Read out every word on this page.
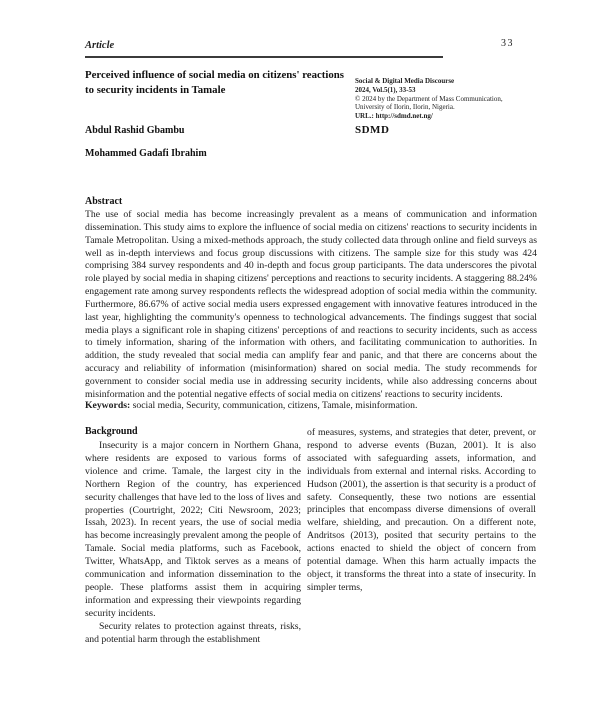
Article	33
Perceived influence of social media on citizens' reactions
to security incidents in Tamale
Social & Digital Media Discourse
2024, Vol.5(1), 33-53
© 2024 by the Department of Mass Communication, University of Ilorin, Ilorin, Nigeria.
URL.: http://sdmd.net.ng/
SDMD
Abdul Rashid Gbambu
Mohammed Gadafi Ibrahim
Abstract
The use of social media has become increasingly prevalent as a means of communication and information dissemination. This study aims to explore the influence of social media on citizens' reactions to security incidents in Tamale Metropolitan. Using a mixed-methods approach, the study collected data through online and field surveys as well as in-depth interviews and focus group discussions with citizens. The sample size for this study was 424 comprising 384 survey respondents and 40 in-depth and focus group participants. The data underscores the pivotal role played by social media in shaping citizens' perceptions and reactions to security incidents. A staggering 88.24% engagement rate among survey respondents reflects the widespread adoption of social media within the community. Furthermore, 86.67% of active social media users expressed engagement with innovative features introduced in the last year, highlighting the community's openness to technological advancements. The findings suggest that social media plays a significant role in shaping citizens' perceptions of and reactions to security incidents, such as access to timely information, sharing of the information with others, and facilitating communication to authorities. In addition, the study revealed that social media can amplify fear and panic, and that there are concerns about the accuracy and reliability of information (misinformation) shared on social media. The study recommends for government to consider social media use in addressing security incidents, while also addressing concerns about misinformation and the potential negative effects of social media on citizens' reactions to security incidents.
Keywords: social media, Security, communication, citizens, Tamale, misinformation.
Background

Insecurity is a major concern in Northern Ghana, where residents are exposed to various forms of violence and crime. Tamale, the largest city in the Northern Region of the country, has experienced security challenges that have led to the loss of lives and properties (Courtright, 2022; Citi Newsroom, 2023; Issah, 2023). In recent years, the use of social media has become increasingly prevalent among the people of Tamale. Social media platforms, such as Facebook, Twitter, WhatsApp, and Tiktok serves as a means of communication and information dissemination to the people. These platforms assist them in acquiring information and expressing their viewpoints regarding security incidents.

Security relates to protection against threats, risks, and potential harm through the establishment

of measures, systems, and strategies that deter, prevent, or respond to adverse events (Buzan, 2001). It is also associated with safeguarding assets, information, and individuals from external and internal risks. According to Hudson (2001), the assertion is that security is a product of safety. Consequently, these two notions are essential principles that encompass diverse dimensions of overall welfare, shielding, and precaution. On a different note, Andritsos (2013), posited that security pertains to the actions enacted to shield the object of concern from potential damage. When this harm actually impacts the object, it transforms the threat into a state of insecurity. In simpler terms,
